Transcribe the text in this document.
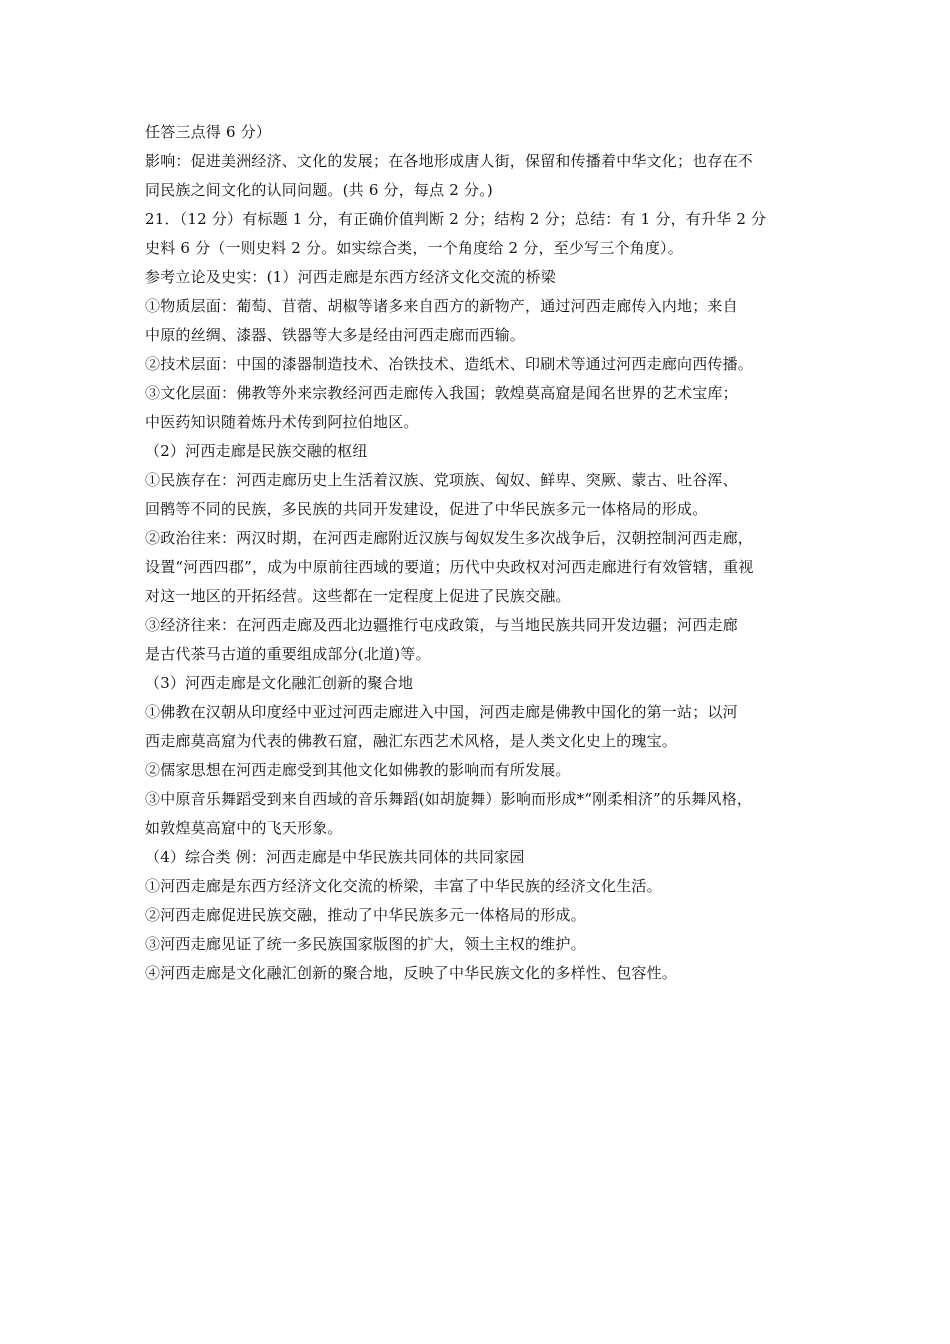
任答三点得 6 分）
影响：促进美洲经济、文化的发展；在各地形成唐人街，保留和传播着中华文化；也存在不
同民族之间文化的认同问题。(共 6 分，每点 2 分。)
21．（12 分）有标题 1 分，有正确价值判断 2 分；结构 2 分；总结：有 1 分，有升华 2 分
史料 6 分（一则史料 2 分。如实综合类，一个角度给 2 分，至少写三个角度）。
参考立论及史实：(1）河西走廊是东西方经济文化交流的桥梁
①物质层面：葡萄、苜蓿、胡椒等诸多来自西方的新物产，通过河西走廊传入内地；来自
中原的丝绸、漆器、铁器等大多是经由河西走廊而西输。
②技术层面：中国的漆器制造技术、冶铁技术、造纸术、印刷术等通过河西走廊向西传播。
③文化层面：佛教等外来宗教经河西走廊传入我国；敦煌莫高窟是闻名世界的艺术宝库；
中医药知识随着炼丹术传到阿拉伯地区。
（2）河西走廊是民族交融的枢纽
①民族存在：河西走廊历史上生活着汉族、党项族、匈奴、鲜卑、突厥、蒙古、吐谷浑、
回鹘等不同的民族，多民族的共同开发建设，促进了中华民族多元一体格局的形成。
②政治往来：两汉时期，在河西走廊附近汉族与匈奴发生多次战争后，汉朝控制河西走廊，
设置“河西四郡”，成为中原前往西域的要道；历代中央政权对河西走廊进行有效管辖，重视
对这一地区的开拓经营。这些都在一定程度上促进了民族交融。
③经济往来：在河西走廊及西北边疆推行屯戍政策，与当地民族共同开发边疆；河西走廊
是古代茶马古道的重要组成部分(北道)等。
（3）河西走廊是文化融汇创新的聚合地
①佛教在汉朝从印度经中亚过河西走廊进入中国，河西走廊是佛教中国化的第一站；以河
西走廊莫高窟为代表的佛教石窟，融汇东西艺术风格，是人类文化史上的瑰宝。
②儒家思想在河西走廊受到其他文化如佛教的影响而有所发展。
③中原音乐舞蹈受到来自西域的音乐舞蹈(如胡旋舞）影响而形成*“刚柔相济”的乐舞风格，
如敦煌莫高窟中的飞天形象。
（4）综合类 例：河西走廊是中华民族共同体的共同家园
①河西走廊是东西方经济文化交流的桥梁，丰富了中华民族的经济文化生活。
②河西走廊促进民族交融，推动了中华民族多元一体格局的形成。
③河西走廊见证了统一多民族国家版图的扩大，领土主权的维护。
④河西走廊是文化融汇创新的聚合地，反映了中华民族文化的多样性、包容性。
